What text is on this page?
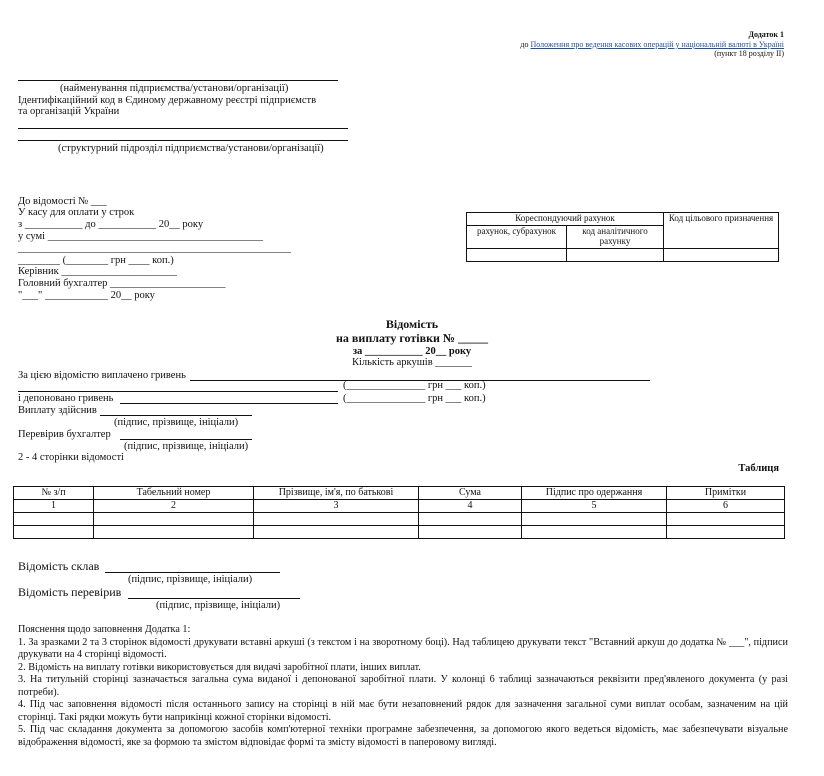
Додаток 1
до Положення про ведення касових операцій у національній валюті в Україні
(пункт 18 розділу II)
(найменування підприємства/установи/організації)
Ідентифікаційний код в Єдиному державному реєстрі підприємств
та організацій України
(структурний підрозділ підприємства/установи/організації)
До відомості № ___
У касу для оплати у строк
з ___________ до ___________ 20__ року
у сумі _________________________________________
____________________________________________________
________ (________ грн ____ коп.)
Керівник ______________________
Головний бухгалтер ______________________
"___" ____________ 20__ року
Кореспондуючий рахунок		Код цільового призначення
рахунок, субрахунок	код аналітичного рахунку	

Відомість
на виплату готівки № _____
за ___________ 20__ року
Кількість аркушів _______
За цією відомістю виплачено гривень
і депоновано гривень
(_______________ грн ___ коп.)
(_______________ грн ___ коп.)
Виплату здійснив
(підпис, прізвище, ініціали)
Перевірив бухгалтер
(підпис, прізвище, ініціали)
2 - 4 сторінки відомості
Таблиця
№ з/п	Табельний номер	Прізвище, ім'я, по батькові	Сума	Підпис про одержання	Примітки
1	2	3	4	5	6

Відомість склав
(підпис, прізвище, ініціали)
Відомість перевірив
(підпис, прізвище, ініціали)

Пояснення щодо заповнення Додатка 1:

1. За зразками 2 та 3 сторінок відомості друкувати вставні аркуші (з текстом і на зворотному боці). Над таблицею друкувати текст "Вставний аркуш до додатка № ___", підписи друкувати на 4 сторінці відомості.

2. Відомість на виплату готівки використовується для видачі заробітної плати, інших виплат.

3. На титульній сторінці зазначається загальна сума виданої і депонованої заробітної плати. У колонці 6 таблиці зазначаються реквізити пред'явленого документа (у разі потреби).

4. Під час заповнення відомості після останнього запису на сторінці в ній має бути незаповнений рядок для зазначення загальної суми виплат особам, зазначеним на цій сторінці. Такі рядки можуть бути наприкінці кожної сторінки відомості.

5. Під час складання документа за допомогою засобів комп'ютерної техніки програмне забезпечення, за допомогою якого ведеться відомість, має забезпечувати візуальне відображення відомості, яке за формою та змістом відповідає формі та змісту відомості в паперовому вигляді.
